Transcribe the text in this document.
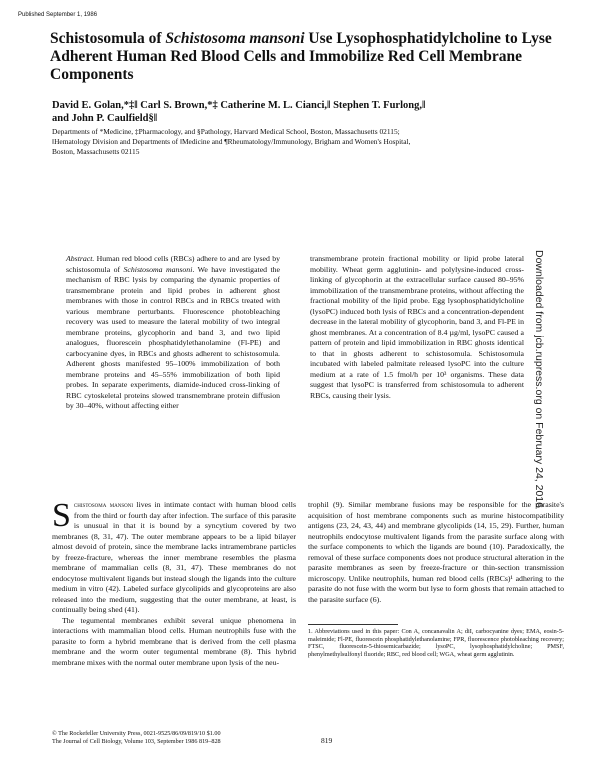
Published September 1, 1986
Schistosomula of Schistosoma mansoni Use Lysophosphatidylcholine to Lyse Adherent Human Red Blood Cells and Immobilize Red Cell Membrane Components
David E. Golan,*‡‖ Carl S. Brown,*‡ Catherine M. L. Cianci,‖ Stephen T. Furlong,‖
and John P. Caulfield§‖
Departments of *Medicine, ‡Pharmacology, and §Pathology, Harvard Medical School, Boston, Massachusetts 02115;
‖Hematology Division and Departments of ‖Medicine and ¶Rheumatology/Immunology, Brigham and Women's Hospital,
Boston, Massachusetts 02115

Abstract. Human red blood cells (RBCs) adhere to and are lysed by schistosomula of Schistosoma mansoni. We have investigated the mechanism of RBC lysis by comparing the dynamic properties of transmembrane protein and lipid probes in adherent ghost membranes with those in control RBCs and in RBCs treated with various membrane perturbants. Fluorescence photobleaching recovery was used to measure the lateral mobility of two integral membrane proteins, glycophorin and band 3, and two lipid analogues, fluorescein phosphatidylethanolamine (Fl-PE) and carbocyanine dyes, in RBCs and ghosts adherent to schistosomula. Adherent ghosts manifested 95–100% immobilization of both membrane proteins and 45–55% immobilization of both lipid probes. In separate experiments, diamide-induced cross-linking of RBC cytoskeletal proteins slowed transmembrane protein diffusion by 30–40%, without affecting either

transmembrane protein fractional mobility or lipid probe lateral mobility. Wheat germ agglutinin- and polylysine-induced cross-linking of glycophorin at the extracellular surface caused 80–95% immobilization of the transmembrane proteins, without affecting the fractional mobility of the lipid probe. Egg lysophosphatidylcholine (lysoPC) induced both lysis of RBCs and a concentration-dependent decrease in the lateral mobility of glycophorin, band 3, and Fl-PE in ghost membranes. At a concentration of 8.4 µg/ml, lysoPC caused a pattern of protein and lipid immobilization in RBC ghosts identical to that in ghosts adherent to schistosomula. Schistosomula incubated with labeled palmitate released lysoPC into the culture medium at a rate of 1.5 fmol/h per 10³ organisms. These data suggest that lysoPC is transferred from schistosomula to adherent RBCs, causing their lysis.

Schistosoma mansoni lives in intimate contact with human blood cells from the third or fourth day after infection. The surface of this parasite is unusual in that it is bound by a syncytium covered by two membranes (8, 31, 47). The outer membrane appears to be a lipid bilayer almost devoid of protein, since the membrane lacks intramembrane particles by freeze-fracture, whereas the inner membrane resembles the plasma membrane of mammalian cells (8, 31, 47). These membranes do not endocytose multivalent ligands but instead slough the ligands into the culture medium in vitro (42). Labeled surface glycolipids and glycoproteins are also released into the medium, suggesting that the outer membrane, at least, is continually being shed (41).

The tegumental membranes exhibit several unique phenomena in interactions with mammalian blood cells. Human neutrophils fuse with the parasite to form a hybrid membrane that is derived from the cell plasma membrane and the worm outer tegumental membrane (8). This hybrid membrane mixes with the normal outer membrane upon lysis of the neu-

trophil (9). Similar membrane fusions may be responsible for the parasite's acquisition of host membrane components such as murine histocompatibility antigens (23, 24, 43, 44) and membrane glycolipids (14, 15, 29). Further, human neutrophils endocytose multivalent ligands from the parasite surface along with the surface components to which the ligands are bound (10). Paradoxically, the removal of these surface components does not produce structural alteration in the parasite membranes as seen by freeze-fracture or thin-section transmission microscopy. Unlike neutrophils, human red blood cells (RBCs)¹ adhering to the parasite do not fuse with the worm but lyse to form ghosts that remain attached to the parasite surface (6).

1. Abbreviations used in this paper: Con A, concanavalin A; diI, carbocyanine dyes; EMA, eosin-5-maleimide; Fl-PE, fluorescein phosphatidylethanolamine; FPR, fluorescence photobleaching recovery; FTSC, fluorescein-5-thiosemicarbazide; lysoPC, lysophosphatidylcholine; PMSF, phenylmethylsulfonyl fluoride; RBC, red blood cell; WGA, wheat germ agglutinin.
© The Rockefeller University Press, 0021-9525/86/09/819/10 $1.00
The Journal of Cell Biology, Volume 103, September 1986 819–828	819
Downloaded from jcb.rupress.org on February 24, 2016
